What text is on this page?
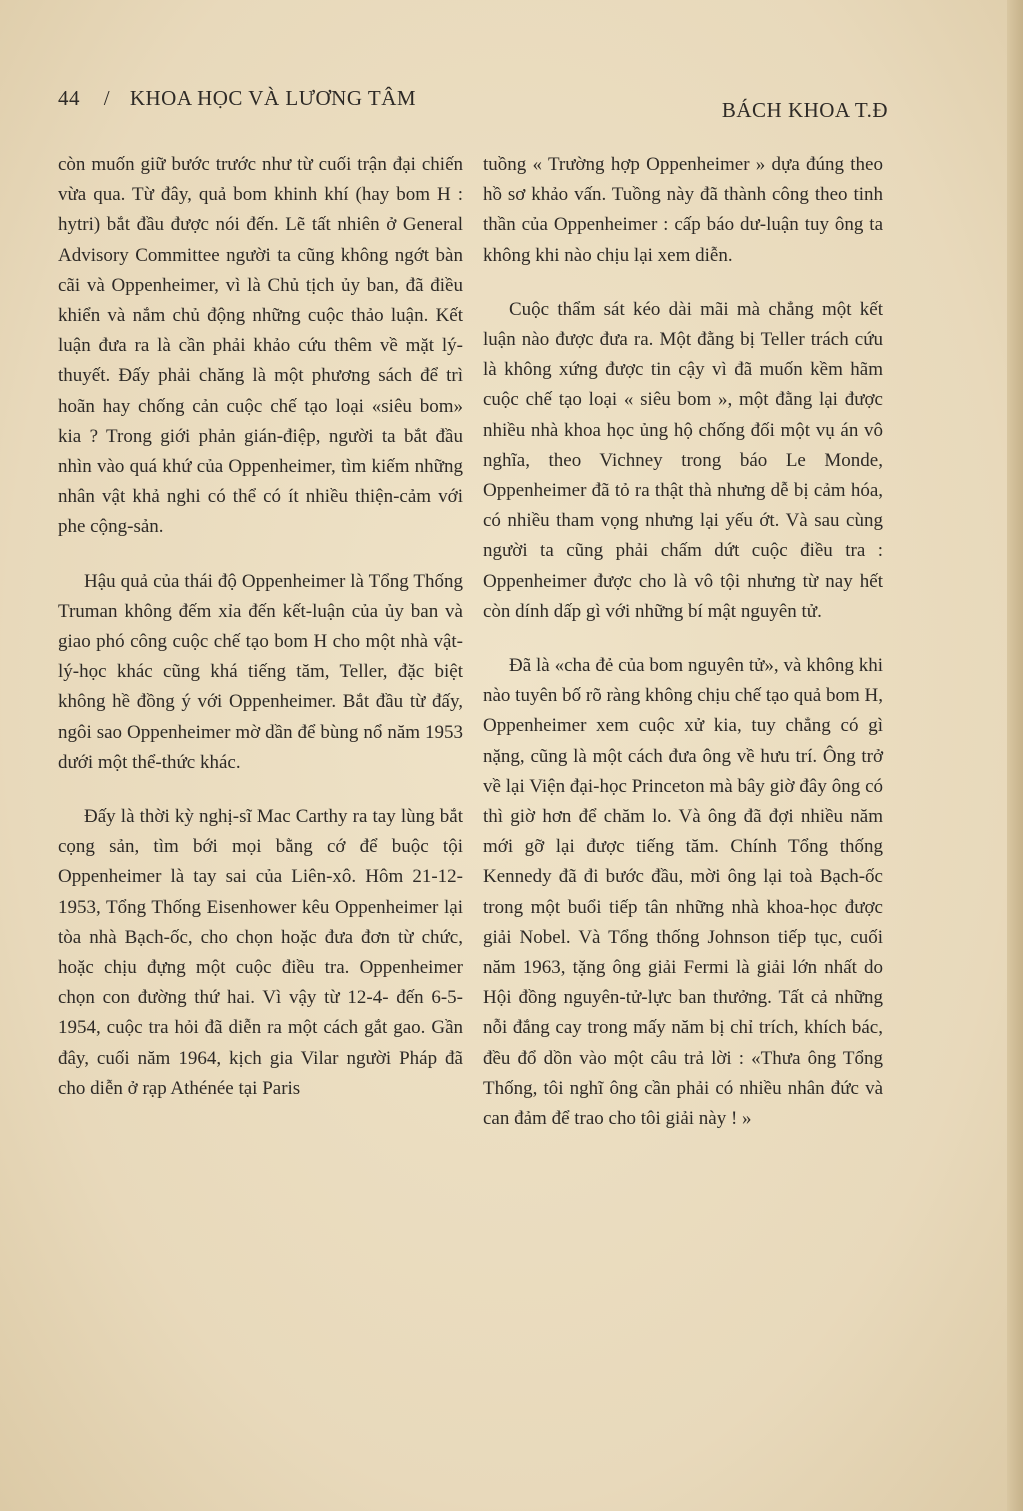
44 / KHOA HỌC VÀ LƯƠNG TÂM	BÁCH KHOA T.Đ

còn muốn giữ bước trước như từ cuối trận đại chiến vừa qua. Từ đây, quả bom khinh khí (hay bom H : hytri) bắt đầu được nói đến. Lẽ tất nhiên ở General Advisory Committee người ta cũng không ngớt bàn cãi và Oppenheimer, vì là Chủ tịch ủy ban, đã điều khiển và nắm chủ động những cuộc thảo luận. Kết luận đưa ra là cần phải khảo cứu thêm về mặt lý-thuyết. Đấy phải chăng là một phương sách để trì hoãn hay chống cản cuộc chế tạo loại «siêu bom» kia ? Trong giới phản gián-điệp, người ta bắt đầu nhìn vào quá khứ của Oppenheimer, tìm kiếm những nhân vật khả nghi có thể có ít nhiều thiện-cảm với phe cộng-sản.

Hậu quả của thái độ Oppenheimer là Tổng Thống Truman không đếm xỉa đến kết-luận của ủy ban và giao phó công cuộc chế tạo bom H cho một nhà vật-lý-học khác cũng khá tiếng tăm, Teller, đặc biệt không hề đồng ý với Oppenheimer. Bắt đầu từ đấy, ngôi sao Oppenheimer mờ dần để bùng nổ năm 1953 dưới một thể-thức khác.

Đấy là thời kỳ nghị-sĩ Mac Carthy ra tay lùng bắt cọng sản, tìm bới mọi bằng cớ để buộc tội Oppenheimer là tay sai của Liên-xô. Hôm 21-12-1953, Tổng Thống Eisenhower kêu Oppenheimer lại tòa nhà Bạch-ốc, cho chọn hoặc đưa đơn từ chức, hoặc chịu đựng một cuộc điều tra. Oppenheimer chọn con đường thứ hai. Vì vậy từ 12-4- đến 6-5-1954, cuộc tra hỏi đã diễn ra một cách gắt gao. Gần đây, cuối năm 1964, kịch gia Vilar người Pháp đã cho diễn ở rạp Athénée tại Paris

tuồng « Trường hợp Oppenheimer » dựa đúng theo hồ sơ khảo vấn. Tuồng này đã thành công theo tinh thần của Oppenheimer : cấp báo dư-luận tuy ông ta không khi nào chịu lại xem diễn.

Cuộc thẩm sát kéo dài mãi mà chẳng một kết luận nào được đưa ra. Một đằng bị Teller trách cứu là không xứng được tin cậy vì đã muốn kềm hãm cuộc chế tạo loại « siêu bom », một đằng lại được nhiều nhà khoa học ủng hộ chống đối một vụ án vô nghĩa, theo Vichney trong báo Le Monde, Oppenheimer đã tỏ ra thật thà nhưng dễ bị cảm hóa, có nhiều tham vọng nhưng lại yếu ớt. Và sau cùng người ta cũng phải chấm dứt cuộc điều tra : Oppenheimer được cho là vô tội nhưng từ nay hết còn dính dấp gì với những bí mật nguyên tử.

Đã là «cha đẻ của bom nguyên tử», và không khi nào tuyên bố rõ ràng không chịu chế tạo quả bom H, Oppenheimer xem cuộc xử kia, tuy chẳng có gì nặng, cũng là một cách đưa ông về hưu trí. Ông trở về lại Viện đại-học Princeton mà bây giờ đây ông có thì giờ hơn để chăm lo. Và ông đã đợi nhiều năm mới gỡ lại được tiếng tăm. Chính Tổng thống Kennedy đã đi bước đầu, mời ông lại toà Bạch-ốc trong một buổi tiếp tân những nhà khoa-học được giải Nobel. Và Tổng thống Johnson tiếp tục, cuối năm 1963, tặng ông giải Fermi là giải lớn nhất do Hội đồng nguyên-tử-lực ban thưởng. Tất cả những nỗi đắng cay trong mấy năm bị chỉ trích, khích bác, đều đổ dồn vào một câu trả lời : «Thưa ông Tổng Thống, tôi nghĩ ông cần phải có nhiều nhân đức và can đảm để trao cho tôi giải này ! »
